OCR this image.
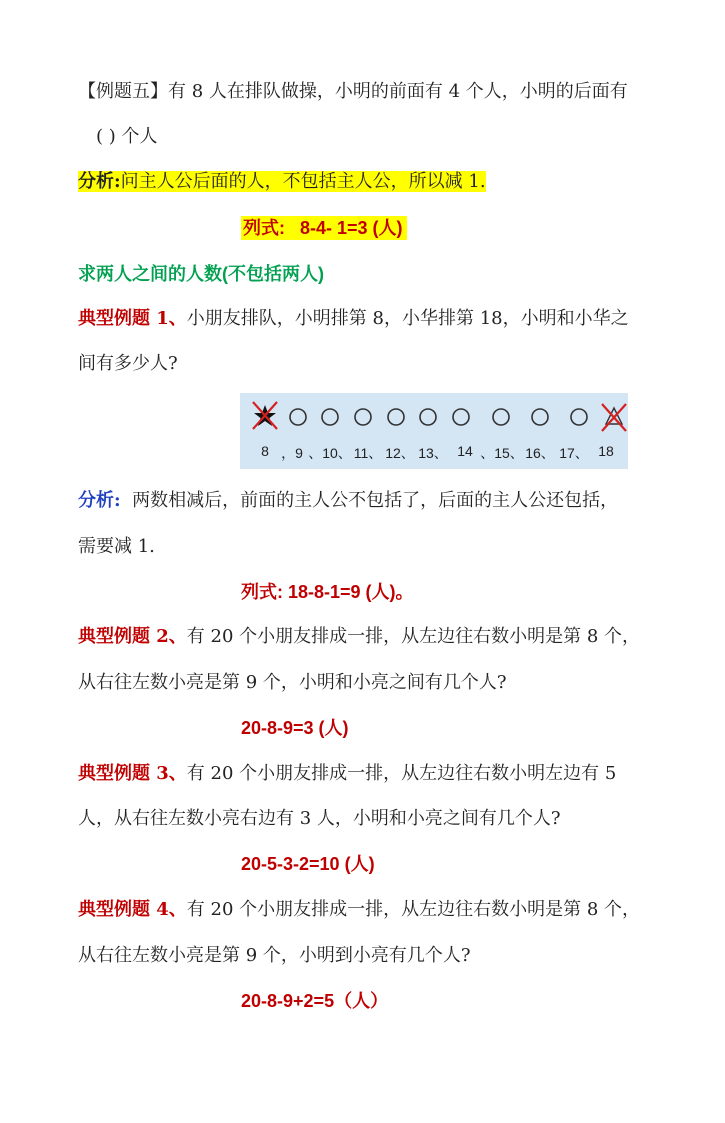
【例题五】有 8 人在排队做操，小明的前面有 4 个人，小明的后面有
( ) 个人
分析:问主人公后面的人，不包括主人公，所以减 1.
列式: 8-4- 1=3 (人)
求两人之间的人数(不包括两人)
典型例题 1、小朋友排队，小明排第 8，小华排第 18，小明和小华之
间有多少人?
8 ，9 、10、 11、 12、 13、 14 、15、 16、 17、 18
分析: 两数相减后，前面的主人公不包括了，后面的主人公还包括，
需要减 1.
列式: 18-8-1=9 (人)。
典型例题 2、有 20 个小朋友排成一排，从左边往右数小明是第 8 个，
从右往左数小亮是第 9 个，小明和小亮之间有几个人?
20-8-9=3 (人)
典型例题 3、有 20 个小朋友排成一排，从左边往右数小明左边有 5
人，从右往左数小亮右边有 3 人，小明和小亮之间有几个人?
20-5-3-2=10 (人)
典型例题 4、有 20 个小朋友排成一排，从左边往右数小明是第 8 个，
从右往左数小亮是第 9 个，小明到小亮有几个人?
20-8-9+2=5（人）
